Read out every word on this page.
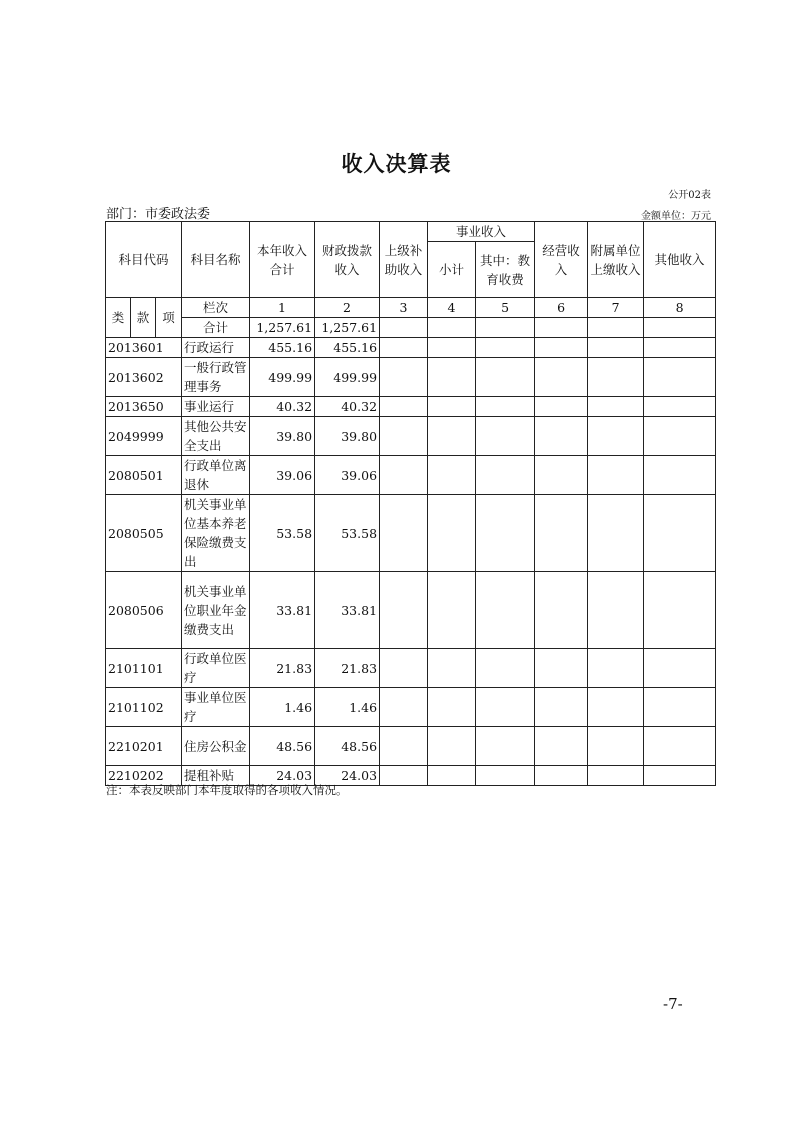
收入决算表
公开02表
部门：市委政法委	金额单位：万元
科目代码			科目名称	本年收入合计	财政拨款收入	上级补助收入	事业收入		经营收入	附属单位上缴收入	其他收入
							小计	其中：教育收费			
类	款	项	栏次	1	2	3	4	5	6	7	8
			合计	1,257.61	1,257.61						
2013601			行政运行	455.16	455.16						
2013602			一般行政管理事务	499.99	499.99						
2013650			事业运行	40.32	40.32						
2049999			其他公共安全支出	39.80	39.80						
2080501			行政单位离退休	39.06	39.06						
2080505			机关事业单位基本养老保险缴费支出	53.58	53.58						
2080506			机关事业单位职业年金缴费支出	33.81	33.81						
2101101			行政单位医疗	21.83	21.83						
2101102			事业单位医疗	1.46	1.46						
2210201			住房公积金	48.56	48.56						
2210202			提租补贴	24.03	24.03						
注：本表反映部门本年度取得的各项收入情况。
-7-
